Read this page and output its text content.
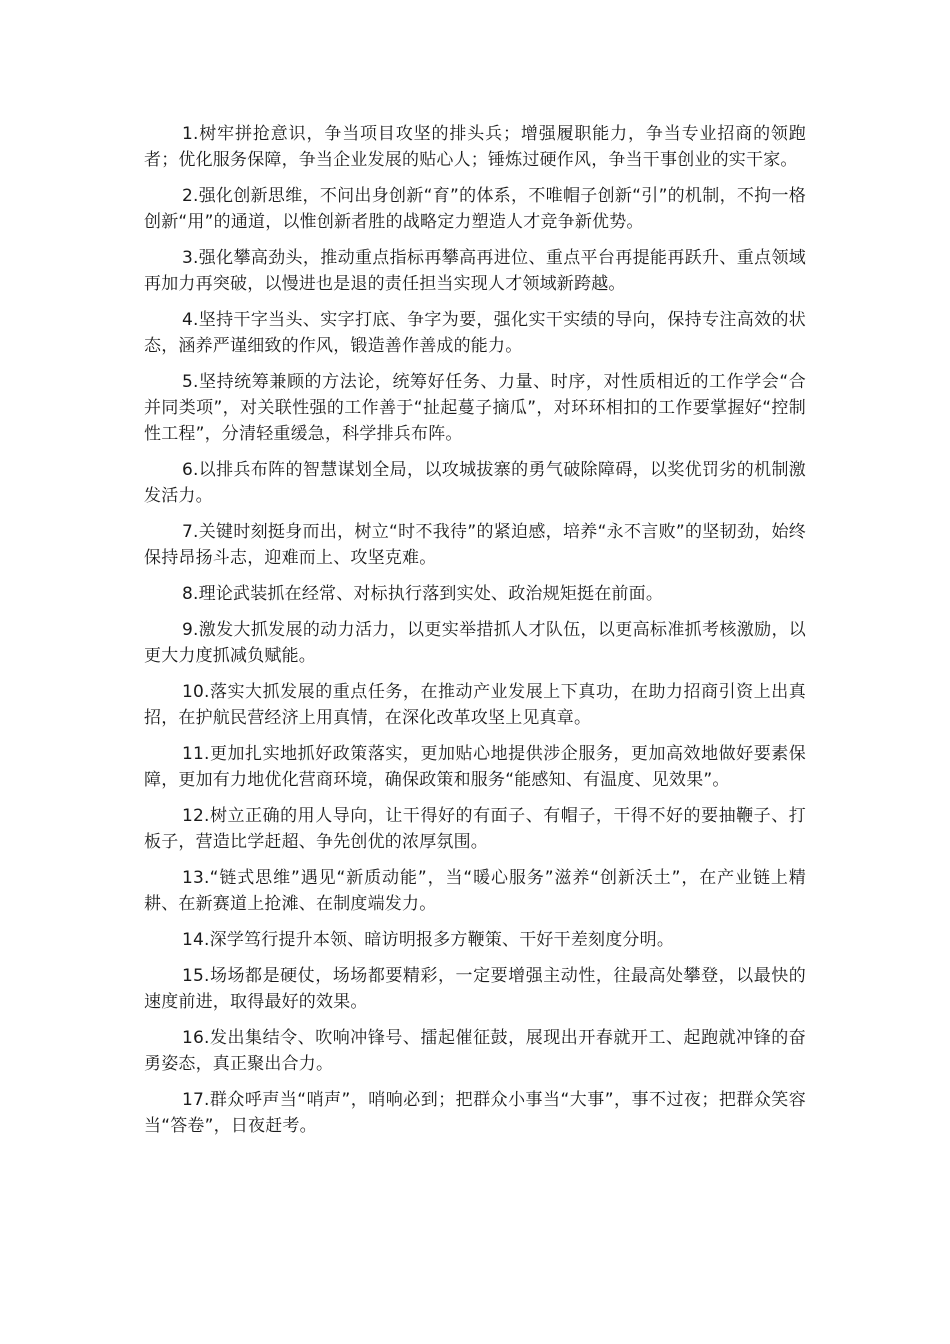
1.树牢拼抢意识，争当项目攻坚的排头兵；增强履职能力，争当专业招商的领跑者；优化服务保障，争当企业发展的贴心人；锤炼过硬作风，争当干事创业的实干家。

2.强化创新思维，不问出身创新“育”的体系，不唯帽子创新“引”的机制，不拘一格创新“用”的通道，以惟创新者胜的战略定力塑造人才竞争新优势。

3.强化攀高劲头，推动重点指标再攀高再进位、重点平台再提能再跃升、重点领域再加力再突破，以慢进也是退的责任担当实现人才领域新跨越。

4.坚持干字当头、实字打底、争字为要，强化实干实绩的导向，保持专注高效的状态，涵养严谨细致的作风，锻造善作善成的能力。

5.坚持统筹兼顾的方法论，统筹好任务、力量、时序，对性质相近的工作学会“合并同类项”，对关联性强的工作善于“扯起蔓子摘瓜”，对环环相扣的工作要掌握好“控制性工程”，分清轻重缓急，科学排兵布阵。

6.以排兵布阵的智慧谋划全局，以攻城拔寨的勇气破除障碍，以奖优罚劣的机制激发活力。

7.关键时刻挺身而出，树立“时不我待”的紧迫感，培养“永不言败”的坚韧劲，始终保持昂扬斗志，迎难而上、攻坚克难。

8.理论武装抓在经常、对标执行落到实处、政治规矩挺在前面。

9.激发大抓发展的动力活力，以更实举措抓人才队伍，以更高标准抓考核激励，以更大力度抓减负赋能。

10.落实大抓发展的重点任务，在推动产业发展上下真功，在助力招商引资上出真招，在护航民营经济上用真情，在深化改革攻坚上见真章。

11.更加扎实地抓好政策落实，更加贴心地提供涉企服务，更加高效地做好要素保障，更加有力地优化营商环境，确保政策和服务“能感知、有温度、见效果”。

12.树立正确的用人导向，让干得好的有面子、有帽子，干得不好的要抽鞭子、打板子，营造比学赶超、争先创优的浓厚氛围。

13.“链式思维”遇见“新质动能”，当“暖心服务”滋养“创新沃土”，在产业链上精耕、在新赛道上抢滩、在制度端发力。

14.深学笃行提升本领、暗访明报多方鞭策、干好干差刻度分明。

15.场场都是硬仗，场场都要精彩，一定要增强主动性，往最高处攀登，以最快的速度前进，取得最好的效果。

16.发出集结令、吹响冲锋号、擂起催征鼓，展现出开春就开工、起跑就冲锋的奋勇姿态，真正聚出合力。

17.群众呼声当“哨声”，哨响必到；把群众小事当“大事”，事不过夜；把群众笑容当“答卷”，日夜赶考。
